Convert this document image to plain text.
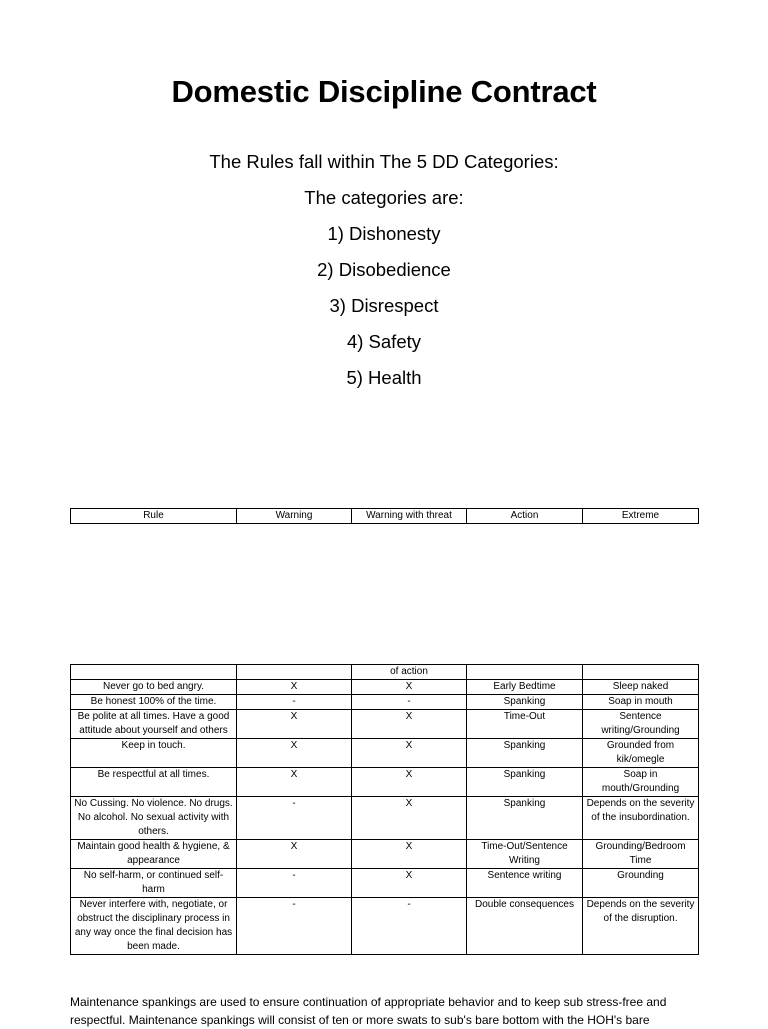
Domestic Discipline Contract
The Rules fall within The 5 DD Categories:
The categories are:
1) Dishonesty
2) Disobedience
3) Disrespect
4) Safety
5) Health
Rule	Warning	Warning with threat	Action	Extreme
		of action		
Never go to bed angry.	X	X	Early Bedtime	Sleep naked
Be honest 100% of the time.	-	-	Spanking	Soap in mouth
Be polite at all times. Have a good attitude about yourself and others	X	X	Time-Out	Sentence writing/Grounding
Keep in touch.	X	X	Spanking	Grounded from kik/omegle
Be respectful at all times.	X	X	Spanking	Soap in mouth/Grounding
No Cussing. No violence. No drugs. No alcohol. No sexual activity with others.	-	X	Spanking	Depends on the severity of the insubordination.
Maintain good health & hygiene, & appearance	X	X	Time-Out/Sentence Writing	Grounding/Bedroom Time
No self-harm, or continued self-harm	-	X	Sentence writing	Grounding
Never interfere with, negotiate, or obstruct the disciplinary process in any way once the final decision has been made.	-	-	Double consequences	Depends on the severity of the disruption.
Maintenance spankings are used to ensure continuation of appropriate behavior and to keep sub stress-free and respectful. Maintenance spankings will consist of ten or more swats to sub's bare bottom with the HOH's bare
